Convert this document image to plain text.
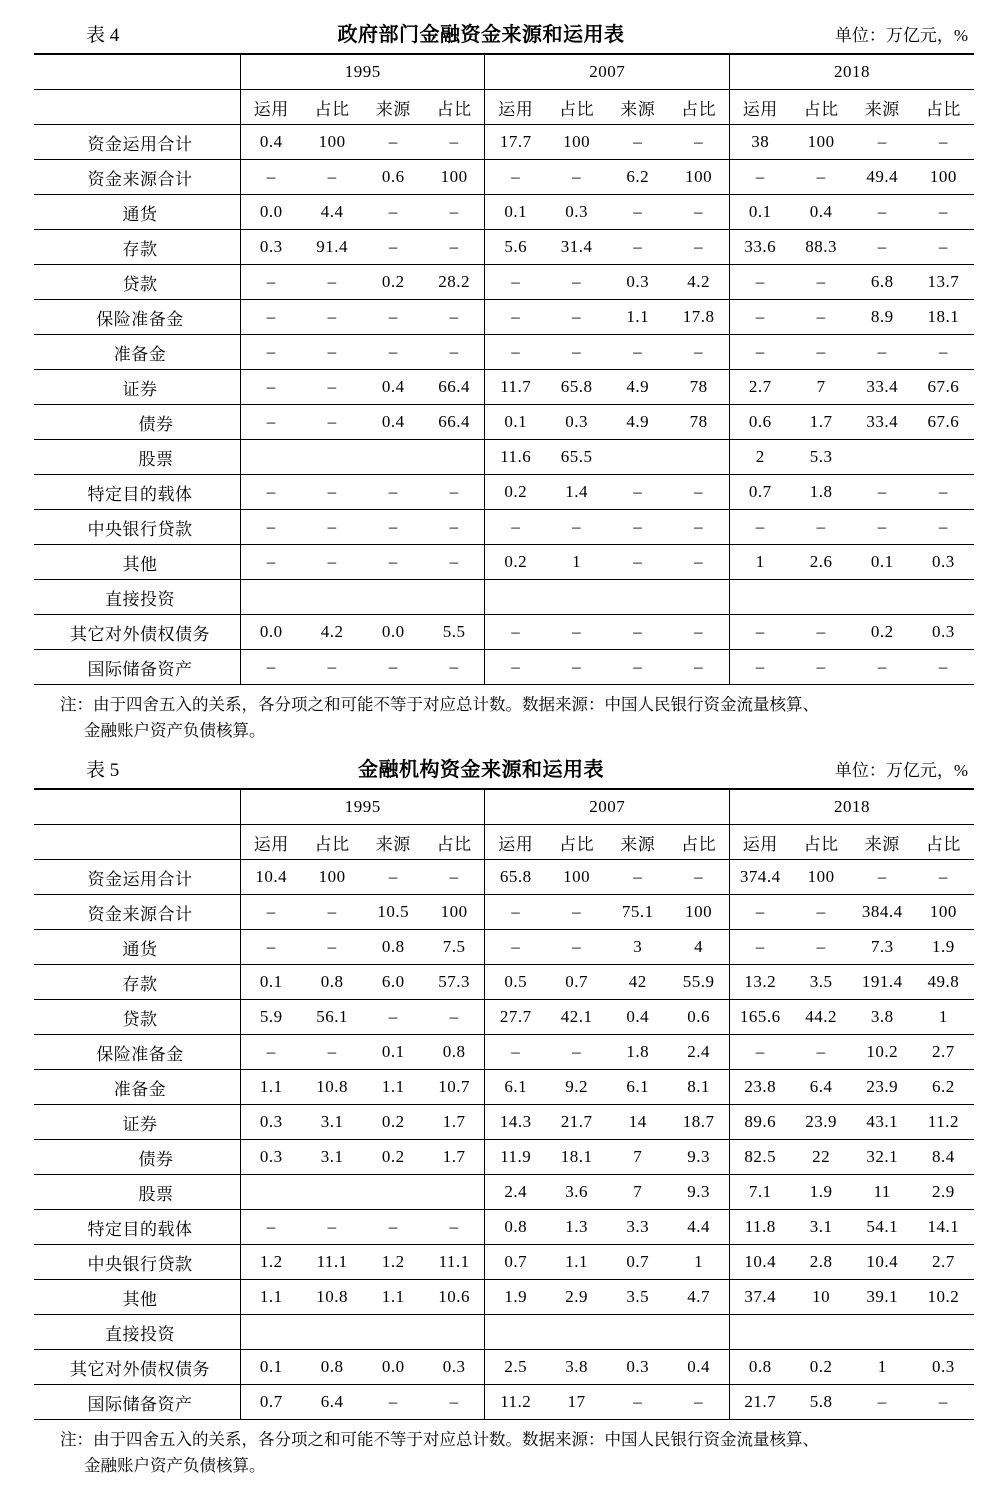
表 4	政府部门金融资金来源和运用表	单位：万亿元，%
	1995				2007				2018			
	运用	占比	来源	占比	运用	占比	来源	占比	运用	占比	来源	占比
资金运用合计	0.4	100	–	–	17.7	100	–	–	38	100	–	–
资金来源合计	–	–	0.6	100	–	–	6.2	100	–	–	49.4	100
通货	0.0	4.4	–	–	0.1	0.3	–	–	0.1	0.4	–	–
存款	0.3	91.4	–	–	5.6	31.4	–	–	33.6	88.3	–	–
贷款	–	–	0.2	28.2	–	–	0.3	4.2	–	–	6.8	13.7
保险准备金	–	–	–	–	–	–	1.1	17.8	–	–	8.9	18.1
准备金	–	–	–	–	–	–	–	–	–	–	–	–
证券	–	–	0.4	66.4	11.7	65.8	4.9	78	2.7	7	33.4	67.6
债券	–	–	0.4	66.4	0.1	0.3	4.9	78	0.6	1.7	33.4	67.6
股票					11.6	65.5			2	5.3		
特定目的载体	–	–	–	–	0.2	1.4	–	–	0.7	1.8	–	–
中央银行贷款	–	–	–	–	–	–	–	–	–	–	–	–
其他	–	–	–	–	0.2	1	–	–	1	2.6	0.1	0.3
直接投资												
其它对外债权债务	0.0	4.2	0.0	5.5	–	–	–	–	–	–	0.2	0.3
国际储备资产	–	–	–	–	–	–	–	–	–	–	–	–
注：由于四舍五入的关系，各分项之和可能不等于对应总计数。数据来源：中国人民银行资金流量核算、
金融账户资产负债核算。
表 5	金融机构资金来源和运用表	单位：万亿元，%
	1995				2007				2018			
	运用	占比	来源	占比	运用	占比	来源	占比	运用	占比	来源	占比
资金运用合计	10.4	100	–	–	65.8	100	–	–	374.4	100	–	–
资金来源合计	–	–	10.5	100	–	–	75.1	100	–	–	384.4	100
通货	–	–	0.8	7.5	–	–	3	4	–	–	7.3	1.9
存款	0.1	0.8	6.0	57.3	0.5	0.7	42	55.9	13.2	3.5	191.4	49.8
贷款	5.9	56.1	–	–	27.7	42.1	0.4	0.6	165.6	44.2	3.8	1
保险准备金	–	–	0.1	0.8	–	–	1.8	2.4	–	–	10.2	2.7
准备金	1.1	10.8	1.1	10.7	6.1	9.2	6.1	8.1	23.8	6.4	23.9	6.2
证券	0.3	3.1	0.2	1.7	14.3	21.7	14	18.7	89.6	23.9	43.1	11.2
债券	0.3	3.1	0.2	1.7	11.9	18.1	7	9.3	82.5	22	32.1	8.4
股票					2.4	3.6	7	9.3	7.1	1.9	11	2.9
特定目的载体	–	–	–	–	0.8	1.3	3.3	4.4	11.8	3.1	54.1	14.1
中央银行贷款	1.2	11.1	1.2	11.1	0.7	1.1	0.7	1	10.4	2.8	10.4	2.7
其他	1.1	10.8	1.1	10.6	1.9	2.9	3.5	4.7	37.4	10	39.1	10.2
直接投资												
其它对外债权债务	0.1	0.8	0.0	0.3	2.5	3.8	0.3	0.4	0.8	0.2	1	0.3
国际储备资产	0.7	6.4	–	–	11.2	17	–	–	21.7	5.8	–	–
注：由于四舍五入的关系，各分项之和可能不等于对应总计数。数据来源：中国人民银行资金流量核算、
金融账户资产负债核算。
